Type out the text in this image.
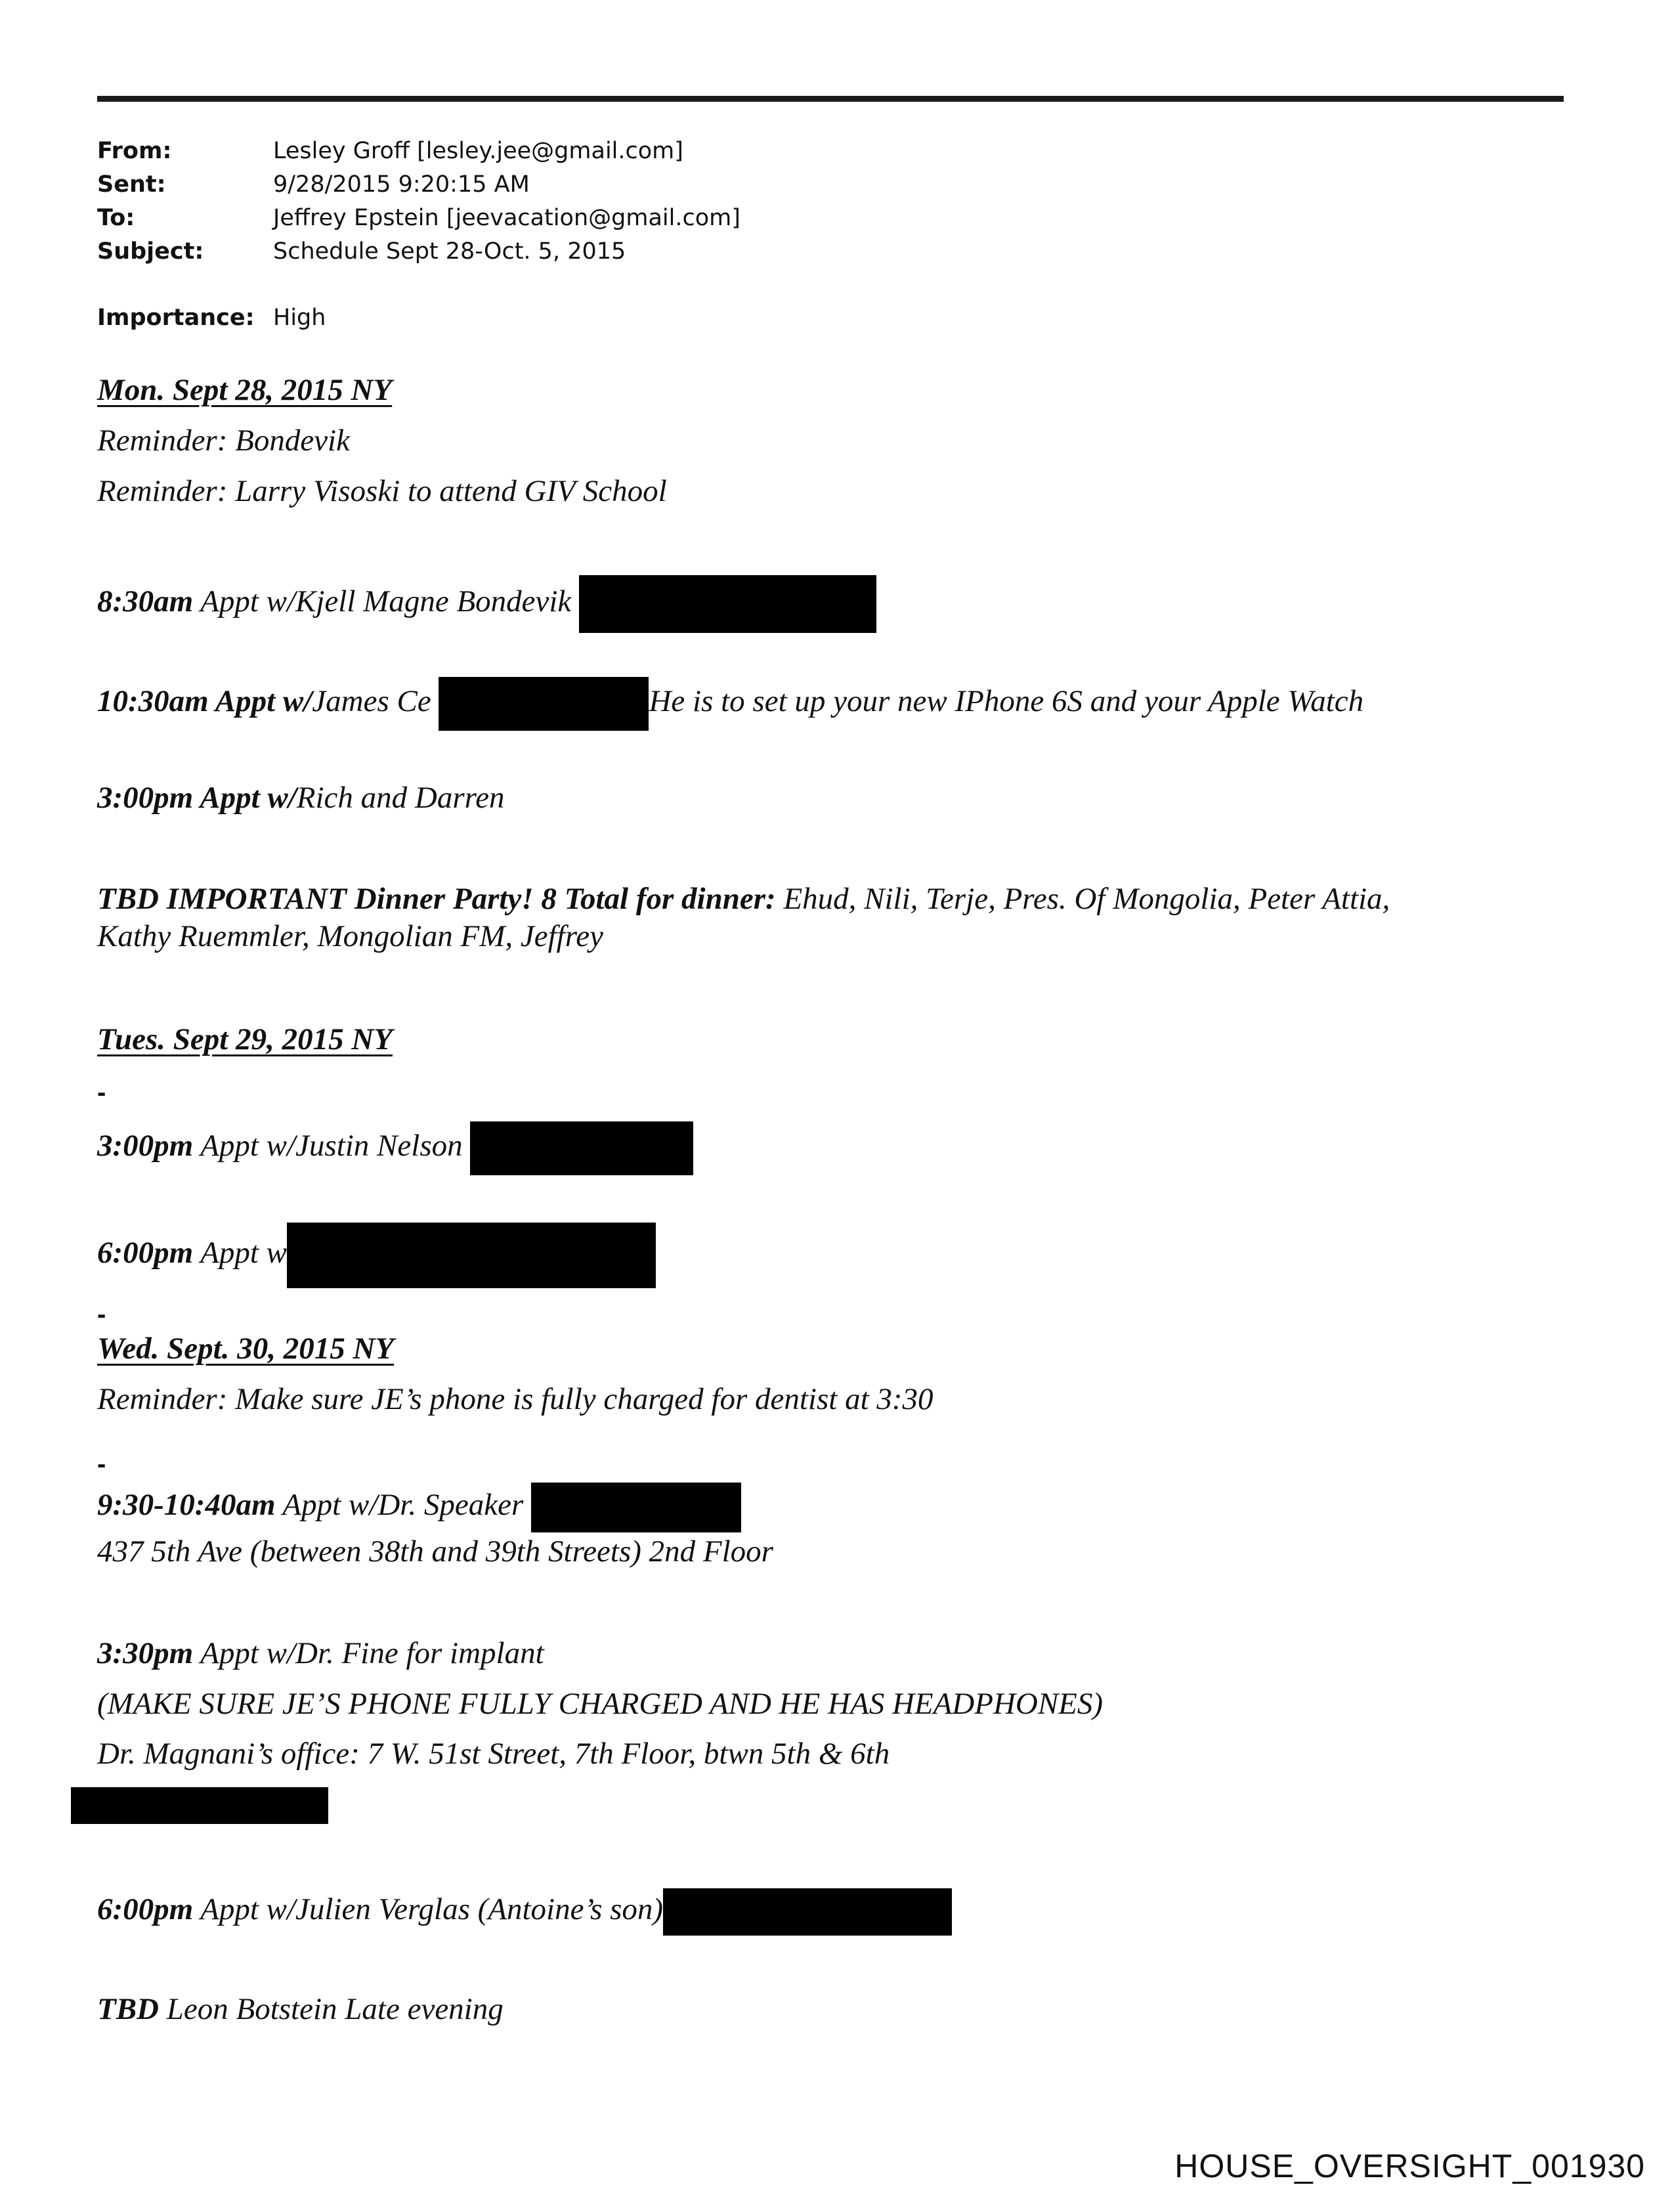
From:	Lesley Groff [lesley.jee@gmail.com]
Sent:	9/28/2015 9:20:15 AM
To:	Jeffrey Epstein [jeevacation@gmail.com]
Subject:	Schedule Sept 28-Oct. 5, 2015
Importance: High
Mon. Sept 28, 2015 NY
Reminder: Bondevik
Reminder: Larry Visoski to attend GIV School
8:30am Appt w/Kjell Magne Bondevik
10:30am Appt w/James Ce	He is to set up your new IPhone 6S and your Apple Watch
3:00pm Appt w/Rich and Darren
TBD IMPORTANT Dinner Party! 8 Total for dinner: Ehud, Nili, Terje, Pres. Of Mongolia, Peter Attia,
Kathy Ruemmler, Mongolian FM, Jeffrey
Tues. Sept 29, 2015 NY
-
3:00pm Appt w/Justin Nelson
6:00pm Appt w
-
Wed. Sept. 30, 2015 NY
Reminder: Make sure JE’s phone is fully charged for dentist at 3:30
-
9:30-10:40am Appt w/Dr. Speaker
437 5th Ave (between 38th and 39th Streets) 2nd Floor
3:30pm Appt w/Dr. Fine for implant
(MAKE SURE JE’S PHONE FULLY CHARGED AND HE HAS HEADPHONES)
Dr. Magnani’s office: 7 W. 51st Street, 7th Floor, btwn 5th & 6th
6:00pm Appt w/Julien Verglas (Antoine’s son)
TBD Leon Botstein Late evening
HOUSE_OVERSIGHT_001930
